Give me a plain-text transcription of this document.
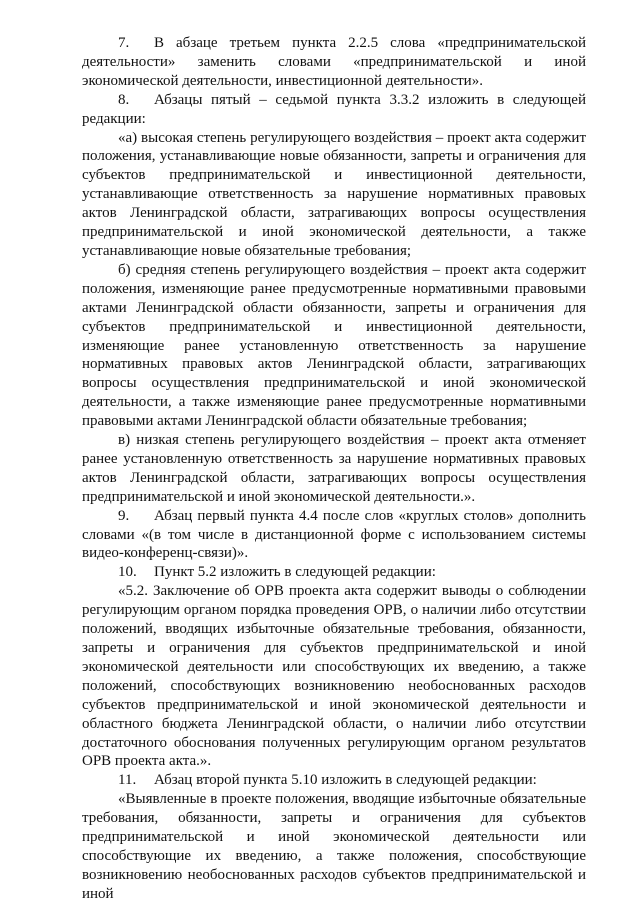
7. В абзаце третьем пункта 2.2.5 слова «предпринимательской деятельности» заменить словами «предпринимательской и иной экономической деятельности, инвестиционной деятельности».

8. Абзацы пятый – седьмой пункта 3.3.2 изложить в следующей редакции:

«а) высокая степень регулирующего воздействия – проект акта содержит положения, устанавливающие новые обязанности, запреты и ограничения для субъектов предпринимательской и инвестиционной деятельности, устанавливающие ответственность за нарушение нормативных правовых актов Ленинградской области, затрагивающих вопросы осуществления предпринимательской и иной экономической деятельности, а также устанавливающие новые обязательные требования;

б) средняя степень регулирующего воздействия – проект акта содержит положения, изменяющие ранее предусмотренные нормативными правовыми актами Ленинградской области обязанности, запреты и ограничения для субъектов предпринимательской и инвестиционной деятельности, изменяющие ранее установленную ответственность за нарушение нормативных правовых актов Ленинградской области, затрагивающих вопросы осуществления предпринимательской и иной экономической деятельности, а также изменяющие ранее предусмотренные нормативными правовыми актами Ленинградской области обязательные требования;

в) низкая степень регулирующего воздействия – проект акта отменяет ранее установленную ответственность за нарушение нормативных правовых актов Ленинградской области, затрагивающих вопросы осуществления предпринимательской и иной экономической деятельности.».

9. Абзац первый пункта 4.4 после слов «круглых столов» дополнить словами «(в том числе в дистанционной форме с использованием системы видео-конференц-связи)».

10. Пункт 5.2 изложить в следующей редакции:

«5.2. Заключение об ОРВ проекта акта содержит выводы о соблюдении регулирующим органом порядка проведения ОРВ, о наличии либо отсутствии положений, вводящих избыточные обязательные требования, обязанности, запреты и ограничения для субъектов предпринимательской и иной экономической деятельности или способствующих их введению, а также положений, способствующих возникновению необоснованных расходов субъектов предпринимательской и иной экономической деятельности и областного бюджета Ленинградской области, о наличии либо отсутствии достаточного обоснования полученных регулирующим органом результатов ОРВ проекта акта.».

11. Абзац второй пункта 5.10 изложить в следующей редакции:

«Выявленные в проекте положения, вводящие избыточные обязательные требования, обязанности, запреты и ограничения для субъектов предпринимательской и иной экономической деятельности или способствующие их введению, а также положения, способствующие возникновению необоснованных расходов субъектов предпринимательской и иной
